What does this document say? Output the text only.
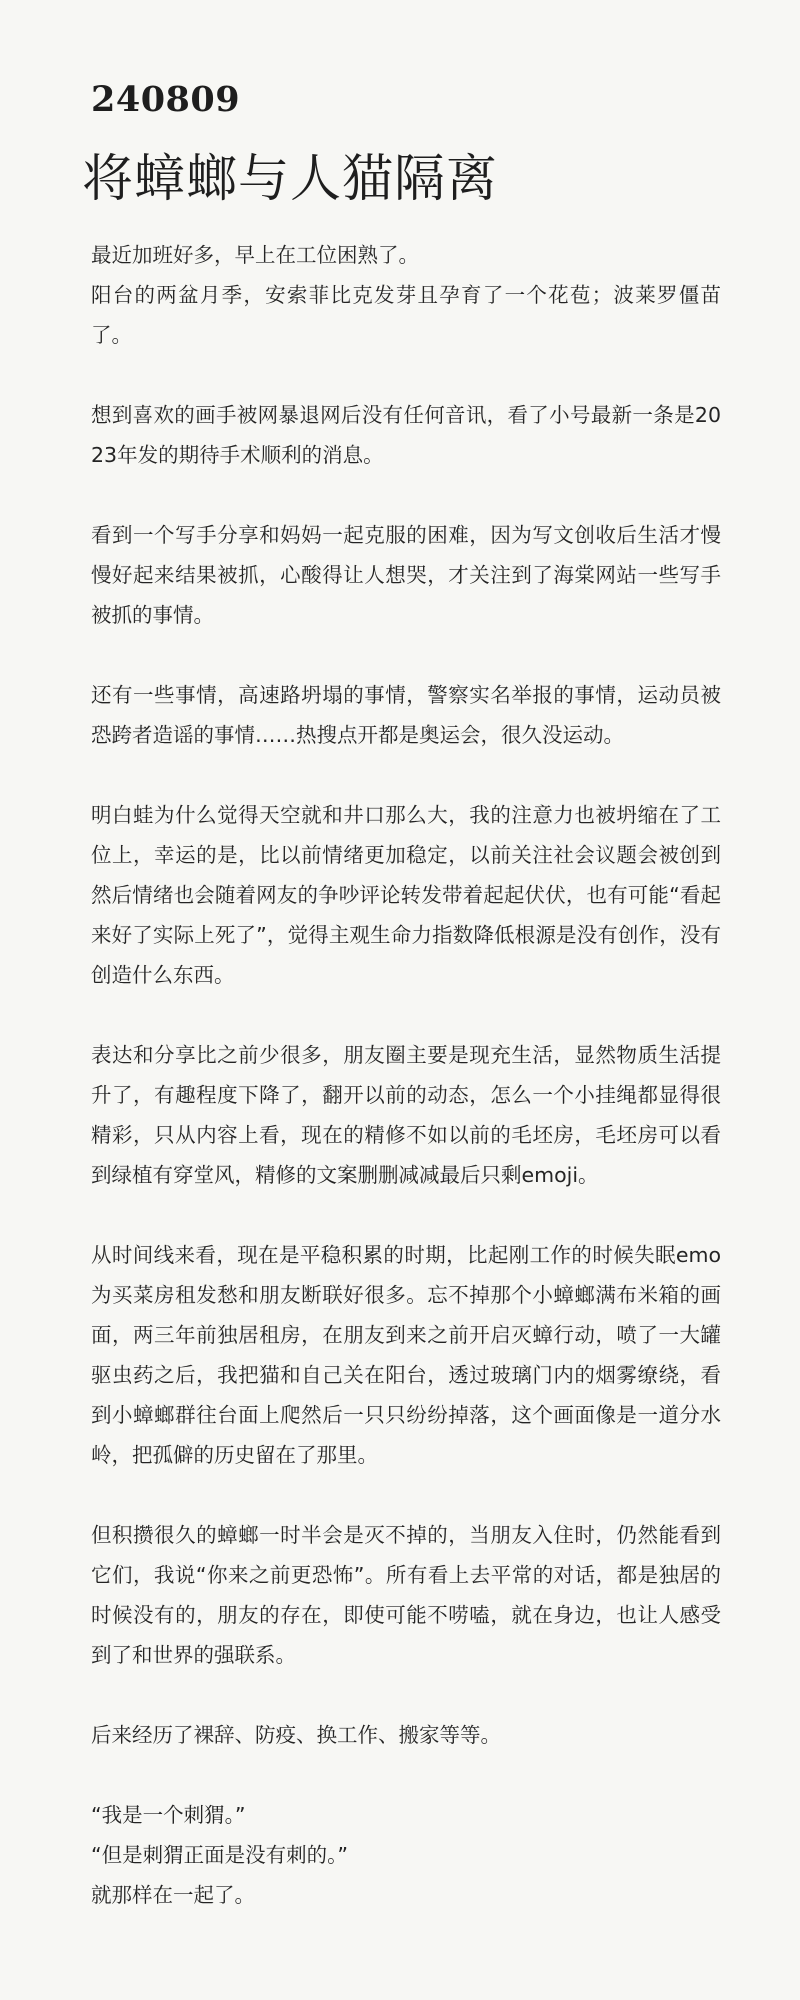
240809
将蟑螂与人猫隔离

最近加班好多，早上在工位困熟了。
阳台的两盆月季，安索菲比克发芽且孕育了一个花苞；波莱罗僵苗了。

想到喜欢的画手被网暴退网后没有任何音讯，看了小号最新一条是2023年发的期待手术顺利的消息。

看到一个写手分享和妈妈一起克服的困难，因为写文创收后生活才慢慢好起来结果被抓，心酸得让人想哭，才关注到了海棠网站一些写手被抓的事情。

还有一些事情，高速路坍塌的事情，警察实名举报的事情，运动员被恐跨者造谣的事情……热搜点开都是奥运会，很久没运动。

明白蛙为什么觉得天空就和井口那么大，我的注意力也被坍缩在了工位上，幸运的是，比以前情绪更加稳定，以前关注社会议题会被创到然后情绪也会随着网友的争吵评论转发带着起起伏伏，也有可能“看起来好了实际上死了”，觉得主观生命力指数降低根源是没有创作，没有创造什么东西。

表达和分享比之前少很多，朋友圈主要是现充生活，显然物质生活提升了，有趣程度下降了，翻开以前的动态，怎么一个小挂绳都显得很精彩，只从内容上看，现在的精修不如以前的毛坯房，毛坯房可以看到绿植有穿堂风，精修的文案删删减减最后只剩emoji。

从时间线来看，现在是平稳积累的时期，比起刚工作的时候失眠emo为买菜房租发愁和朋友断联好很多。忘不掉那个小蟑螂满布米箱的画面，两三年前独居租房，在朋友到来之前开启灭蟑行动，喷了一大罐驱虫药之后，我把猫和自己关在阳台，透过玻璃门内的烟雾缭绕，看到小蟑螂群往台面上爬然后一只只纷纷掉落，这个画面像是一道分水岭，把孤僻的历史留在了那里。

但积攒很久的蟑螂一时半会是灭不掉的，当朋友入住时，仍然能看到它们，我说“你来之前更恐怖”。所有看上去平常的对话，都是独居的时候没有的，朋友的存在，即使可能不唠嗑，就在身边，也让人感受到了和世界的强联系。

后来经历了裸辞、防疫、换工作、搬家等等。

“我是一个刺猬。”
“但是刺猬正面是没有刺的。”
就那样在一起了。
